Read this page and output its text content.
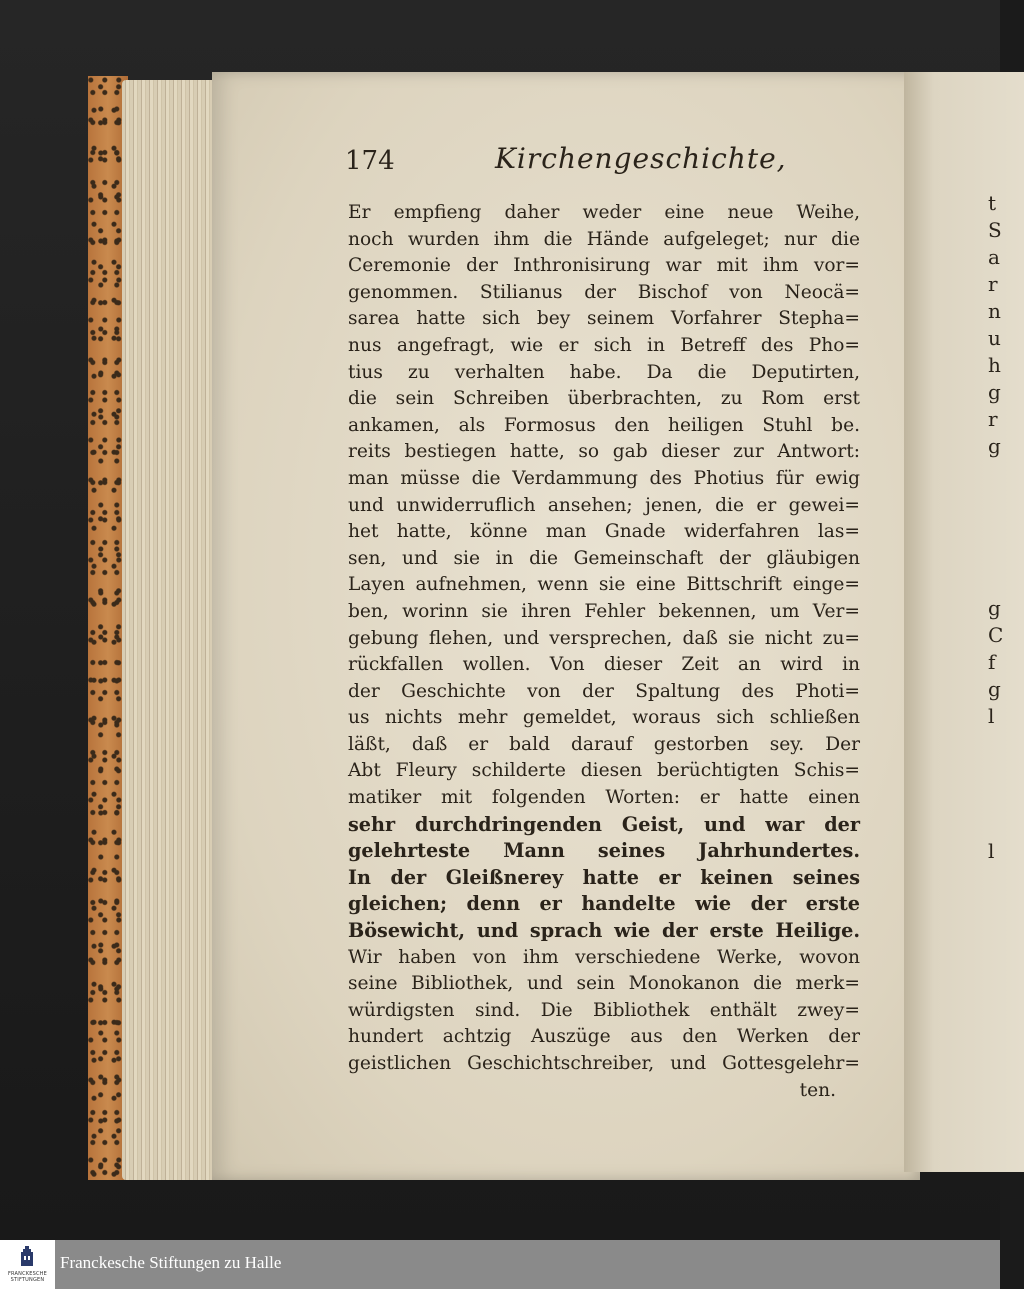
t
S
a
r
n
u
h
g
r
g

g
C
f
g
l

l

174	Kirchengeschichte,
Er empfieng daher weder eine neue Weihe,
noch wurden ihm die Hände aufgeleget; nur die
Ceremonie der Inthronisirung war mit ihm vor=
genommen. Stilianus der Bischof von Neocä=
sarea hatte sich bey seinem Vorfahrer Stepha=
nus angefragt, wie er sich in Betreff des Pho=
tius zu verhalten habe. Da die Deputirten,
die sein Schreiben überbrachten, zu Rom erst
ankamen, als Formosus den heiligen Stuhl be.
reits bestiegen hatte, so gab dieser zur Antwort:
man müsse die Verdammung des Photius für ewig
und unwiderruflich ansehen; jenen, die er gewei=
het hatte, könne man Gnade widerfahren las=
sen, und sie in die Gemeinschaft der gläubigen
Layen aufnehmen, wenn sie eine Bittschrift einge=
ben, worinn sie ihren Fehler bekennen, um Ver=
gebung flehen, und versprechen, daß sie nicht zu=
rückfallen wollen. Von dieser Zeit an wird in
der Geschichte von der Spaltung des Photi=
us nichts mehr gemeldet, woraus sich schließen
läßt, daß er bald darauf gestorben sey. Der
Abt Fleury schilderte diesen berüchtigten Schis=
matiker mit folgenden Worten: er hatte einen
sehr durchdringenden Geist, und war der
gelehrteste Mann seines Jahrhundertes.
In der Gleißnerey hatte er keinen seines
gleichen; denn er handelte wie der erste
Bösewicht, und sprach wie der erste Heilige.
Wir haben von ihm verschiedene Werke, wovon
seine Bibliothek, und sein Monokanon die merk=
würdigsten sind. Die Bibliothek enthält zwey=
hundert achtzig Auszüge aus den Werken der
geistlichen Geschichtschreiber, und Gottesgelehr=
ten.
FRANCKESCHE STIFTUNGEN
Franckesche Stiftungen zu Halle
